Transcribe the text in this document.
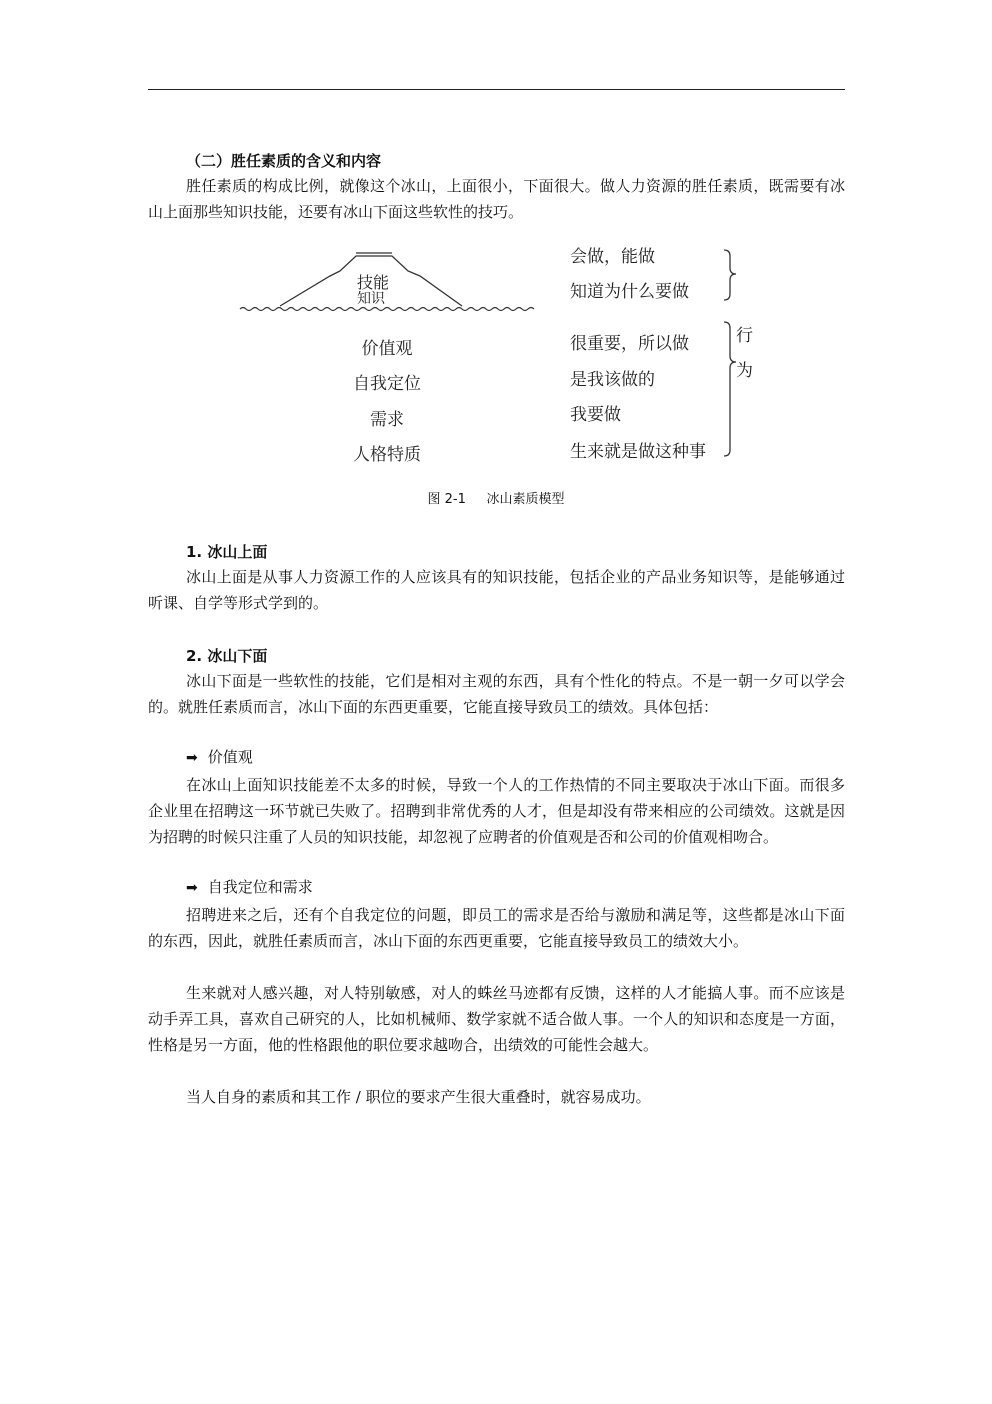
（二）胜任素质的含义和内容

胜任素质的构成比例，就像这个冰山，上面很小，下面很大。做人力资源的胜任素质，既需要有冰山上面那些知识技能，还要有冰山下面这些软性的技巧。

技能
知识
价值观
自我定位
需求
人格特质
会做，能做
知道为什么要做
很重要，所以做
是我该做的
我要做
生来就是做这种事
行
为
图 2-1     冰山素质模型
1. 冰山上面

冰山上面是从事人力资源工作的人应该具有的知识技能，包括企业的产品业务知识等，是能够通过听课、自学等形式学到的。

2. 冰山下面

冰山下面是一些软性的技能，它们是相对主观的东西，具有个性化的特点。不是一朝一夕可以学会的。就胜任素质而言，冰山下面的东西更重要，它能直接导致员工的绩效。具体包括：

➡ 价值观

在冰山上面知识技能差不太多的时候，导致一个人的工作热情的不同主要取决于冰山下面。而很多企业里在招聘这一环节就已失败了。招聘到非常优秀的人才，但是却没有带来相应的公司绩效。这就是因为招聘的时候只注重了人员的知识技能，却忽视了应聘者的价值观是否和公司的价值观相吻合。

➡ 自我定位和需求

招聘进来之后，还有个自我定位的问题，即员工的需求是否给与激励和满足等，这些都是冰山下面的东西，因此，就胜任素质而言，冰山下面的东西更重要，它能直接导致员工的绩效大小。

生来就对人感兴趣，对人特别敏感，对人的蛛丝马迹都有反馈，这样的人才能搞人事。而不应该是动手弄工具，喜欢自己研究的人，比如机械师、数学家就不适合做人事。一个人的知识和态度是一方面，性格是另一方面，他的性格跟他的职位要求越吻合，出绩效的可能性会越大。

当人自身的素质和其工作 / 职位的要求产生很大重叠时，就容易成功。
